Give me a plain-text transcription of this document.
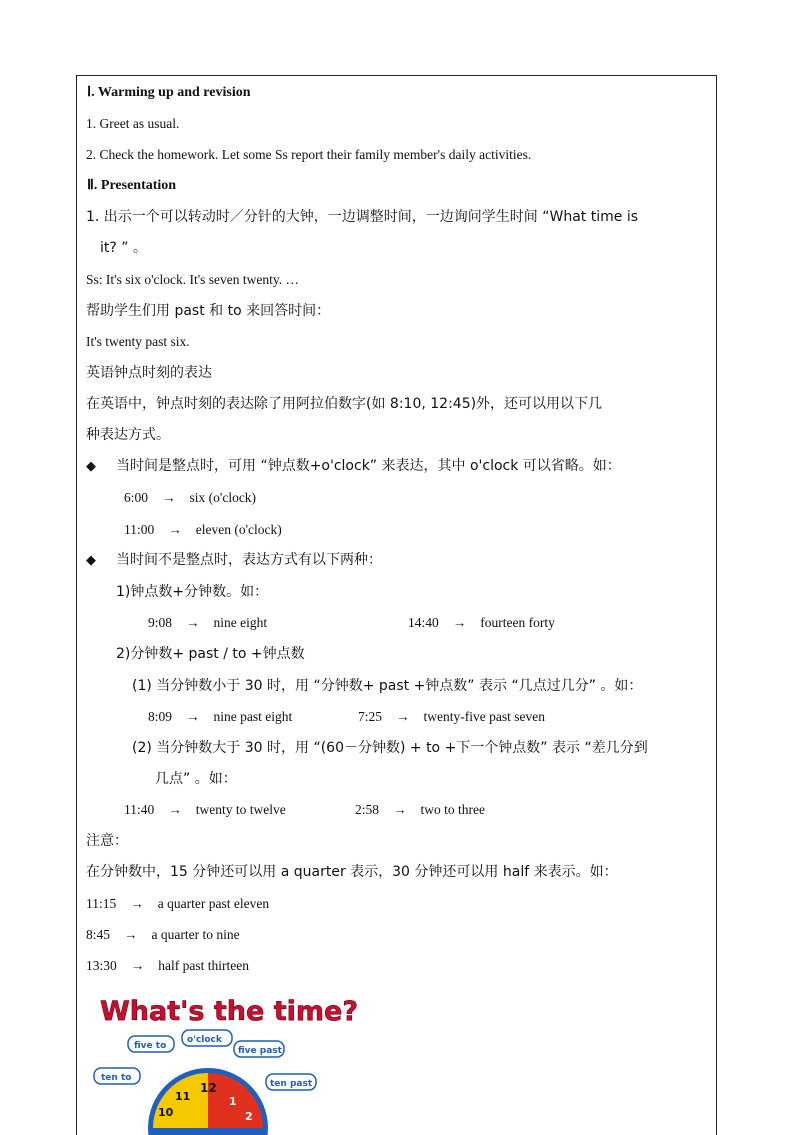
Ⅰ. Warming up and revision
1. Greet as usual.
2. Check the homework. Let some Ss report their family member's daily activities.
Ⅱ. Presentation
1. 出示一个可以转动时／分针的大钟，一边调整时间，一边询问学生时间 “What time is
it? ” 。
Ss: It's six o'clock. It's seven twenty. …
帮助学生们用 past 和 to 来回答时间：
It's twenty past six.
英语钟点时刻的表达
在英语中，钟点时刻的表达除了用阿拉伯数字(如 8:10, 12:45)外，还可以用以下几
种表达方式。
◆ 当时间是整点时，可用 “钟点数+o'clock” 来表达，其中 o'clock 可以省略。如：
6:00 → six (o'clock)
11:00 → eleven (o'clock)
◆ 当时间不是整点时，表达方式有以下两种：
1)钟点数+分钟数。如：
9:08 → nine eight	14:40 → fourteen forty
2)分钟数+ past / to +钟点数
(1) 当分钟数小于 30 时，用 “分钟数+ past +钟点数” 表示 “几点过几分” 。如：
8:09 → nine past eight	7:25 → twenty-five past seven
(2) 当分钟数大于 30 时，用 “(60－分钟数) + to +下一个钟点数” 表示 “差几分到
几点” 。如：
11:40 → twenty to twelve	2:58 → two to three
注意：
在分钟数中，15 分钟还可以用 a quarter 表示，30 分钟还可以用 half 来表示。如：
11:15 → a quarter past eleven
8:45 → a quarter to nine
13:30 → half past thirteen
What's the time?
12
11	1
10	2
five to
o'clock
five past
ten to
ten past
